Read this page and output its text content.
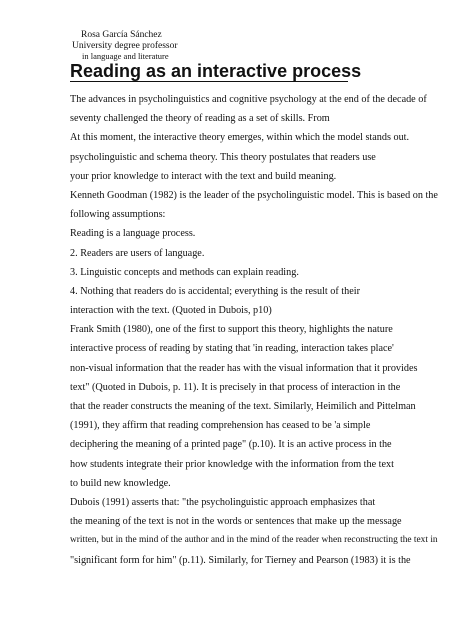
Rosa García Sánchez
University degree professor
in language and literature
Reading as an interactive process
The advances in psycholinguistics and cognitive psychology at the end of the decade of
seventy challenged the theory of reading as a set of skills. From
At this moment, the interactive theory emerges, within which the model stands out.
psycholinguistic and schema theory. This theory postulates that readers use
your prior knowledge to interact with the text and build meaning.
Kenneth Goodman (1982) is the leader of the psycholinguistic model. This is based on the
following assumptions:
Reading is a language process.
2. Readers are users of language.
3. Linguistic concepts and methods can explain reading.
4. Nothing that readers do is accidental; everything is the result of their
interaction with the text. (Quoted in Dubois, p10)
Frank Smith (1980), one of the first to support this theory, highlights the nature
interactive process of reading by stating that 'in reading, interaction takes place'
non-visual information that the reader has with the visual information that it provides
text" (Quoted in Dubois, p. 11). It is precisely in that process of interaction in the
that the reader constructs the meaning of the text. Similarly, Heimilich and Pittelman
(1991), they affirm that reading comprehension has ceased to be 'a simple
deciphering the meaning of a printed page" (p.10). It is an active process in the
how students integrate their prior knowledge with the information from the text
to build new knowledge.
Dubois (1991) asserts that: "the psycholinguistic approach emphasizes that
the meaning of the text is not in the words or sentences that make up the message
written, but in the mind of the author and in the mind of the reader when reconstructing the text in
"significant form for him" (p.11). Similarly, for Tierney and Pearson (1983) it is the
